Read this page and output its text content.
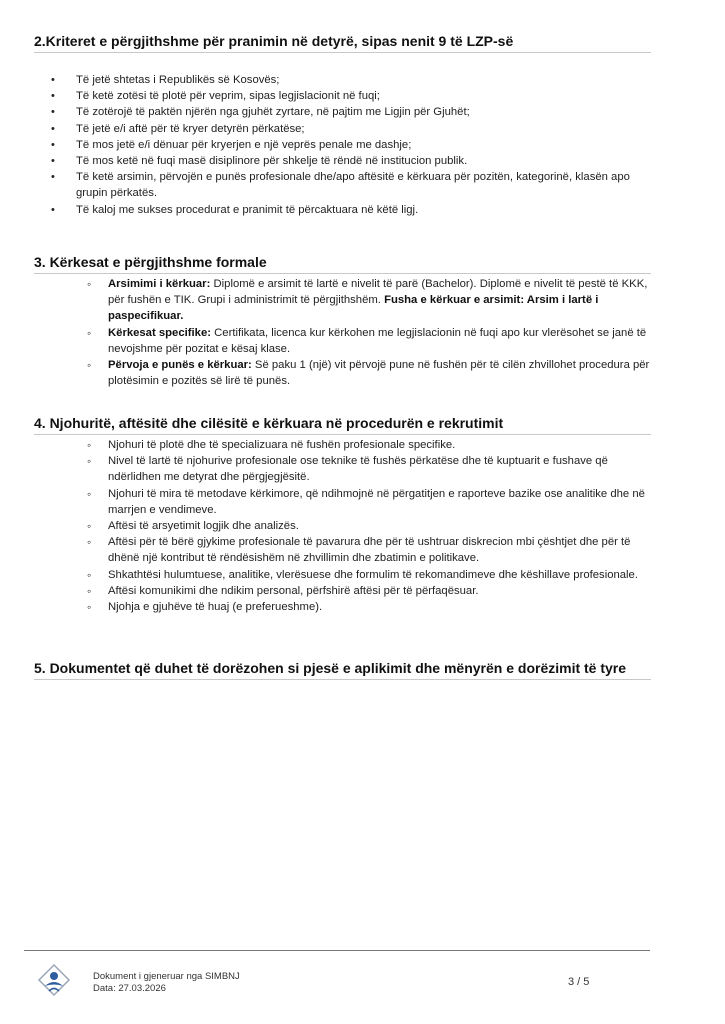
2.Kriteret e përgjithshme për pranimin në detyrë, sipas nenit 9 të LZP-së
• Të jetë shtetas i Republikës së Kosovës;
• Të ketë zotësi të plotë për veprim, sipas legjislacionit në fuqi;
• Të zotërojë të paktën njërën nga gjuhët zyrtare, në pajtim me Ligjin për Gjuhët;
• Të jetë e/i aftë për të kryer detyrën përkatëse;
• Të mos jetë e/i dënuar për kryerjen e një veprës penale me dashje;
• Të mos ketë në fuqi masë disiplinore për shkelje të rëndë në institucion publik.
• Të ketë arsimin, përvojën e punës profesionale dhe/apo aftësitë e kërkuara për pozitën, kategorinë, klasën apo grupin përkatës.
• Të kaloj me sukses procedurat e pranimit të përcaktuara në këtë ligj.
3. Kërkesat e përgjithshme formale
◦ Arsimimi i kërkuar: Diplomë e arsimit të lartë e nivelit të parë (Bachelor). Diplomë e nivelit të pestë të KKK, për fushën e TIK. Grupi i administrimit të përgjithshëm. Fusha e kërkuar e arsimit: Arsim i lartë i paspecifikuar.
◦ Kërkesat specifike: Certifikata, licenca kur kërkohen me legjislacionin në fuqi apo kur vlerësohet se janë të nevojshme për pozitat e kësaj klase.
◦ Përvoja e punës e kërkuar: Së paku 1 (një) vit përvojë pune në fushën për të cilën zhvillohet procedura për plotësimin e pozitës së lirë të punës.
4. Njohuritë, aftësitë dhe cilësitë e kërkuara në procedurën e rekrutimit
◦ Njohuri të plotë dhe të specializuara në fushën profesionale specifike.
◦ Nivel të lartë të njohurive profesionale ose teknike të fushës përkatëse dhe të kuptuarit e fushave që ndërlidhen me detyrat dhe përgjegjësitë.
◦ Njohuri të mira të metodave kërkimore, që ndihmojnë në përgatitjen e raporteve bazike ose analitike dhe në marrjen e vendimeve.
◦ Aftësi të arsyetimit logjik dhe analizës.
◦ Aftësi për të bërë gjykime profesionale të pavarura dhe për të ushtruar diskrecion mbi çështjet dhe për të dhënë një kontribut të rëndësishëm në zhvillimin dhe zbatimin e politikave.
◦ Shkathtësi hulumtuese, analitike, vlerësuese dhe formulim të rekomandimeve dhe këshillave profesionale.
◦ Aftësi komunikimi dhe ndikim personal, përfshirë aftësi për të përfaqësuar.
◦ Njohja e gjuhëve të huaj (e preferueshme).
5. Dokumentet që duhet të dorëzohen si pjesë e aplikimit dhe mënyrën e dorëzimit të tyre
Dokument i gjeneruar nga SIMBNJ
Data: 27.03.2026
3 / 5
